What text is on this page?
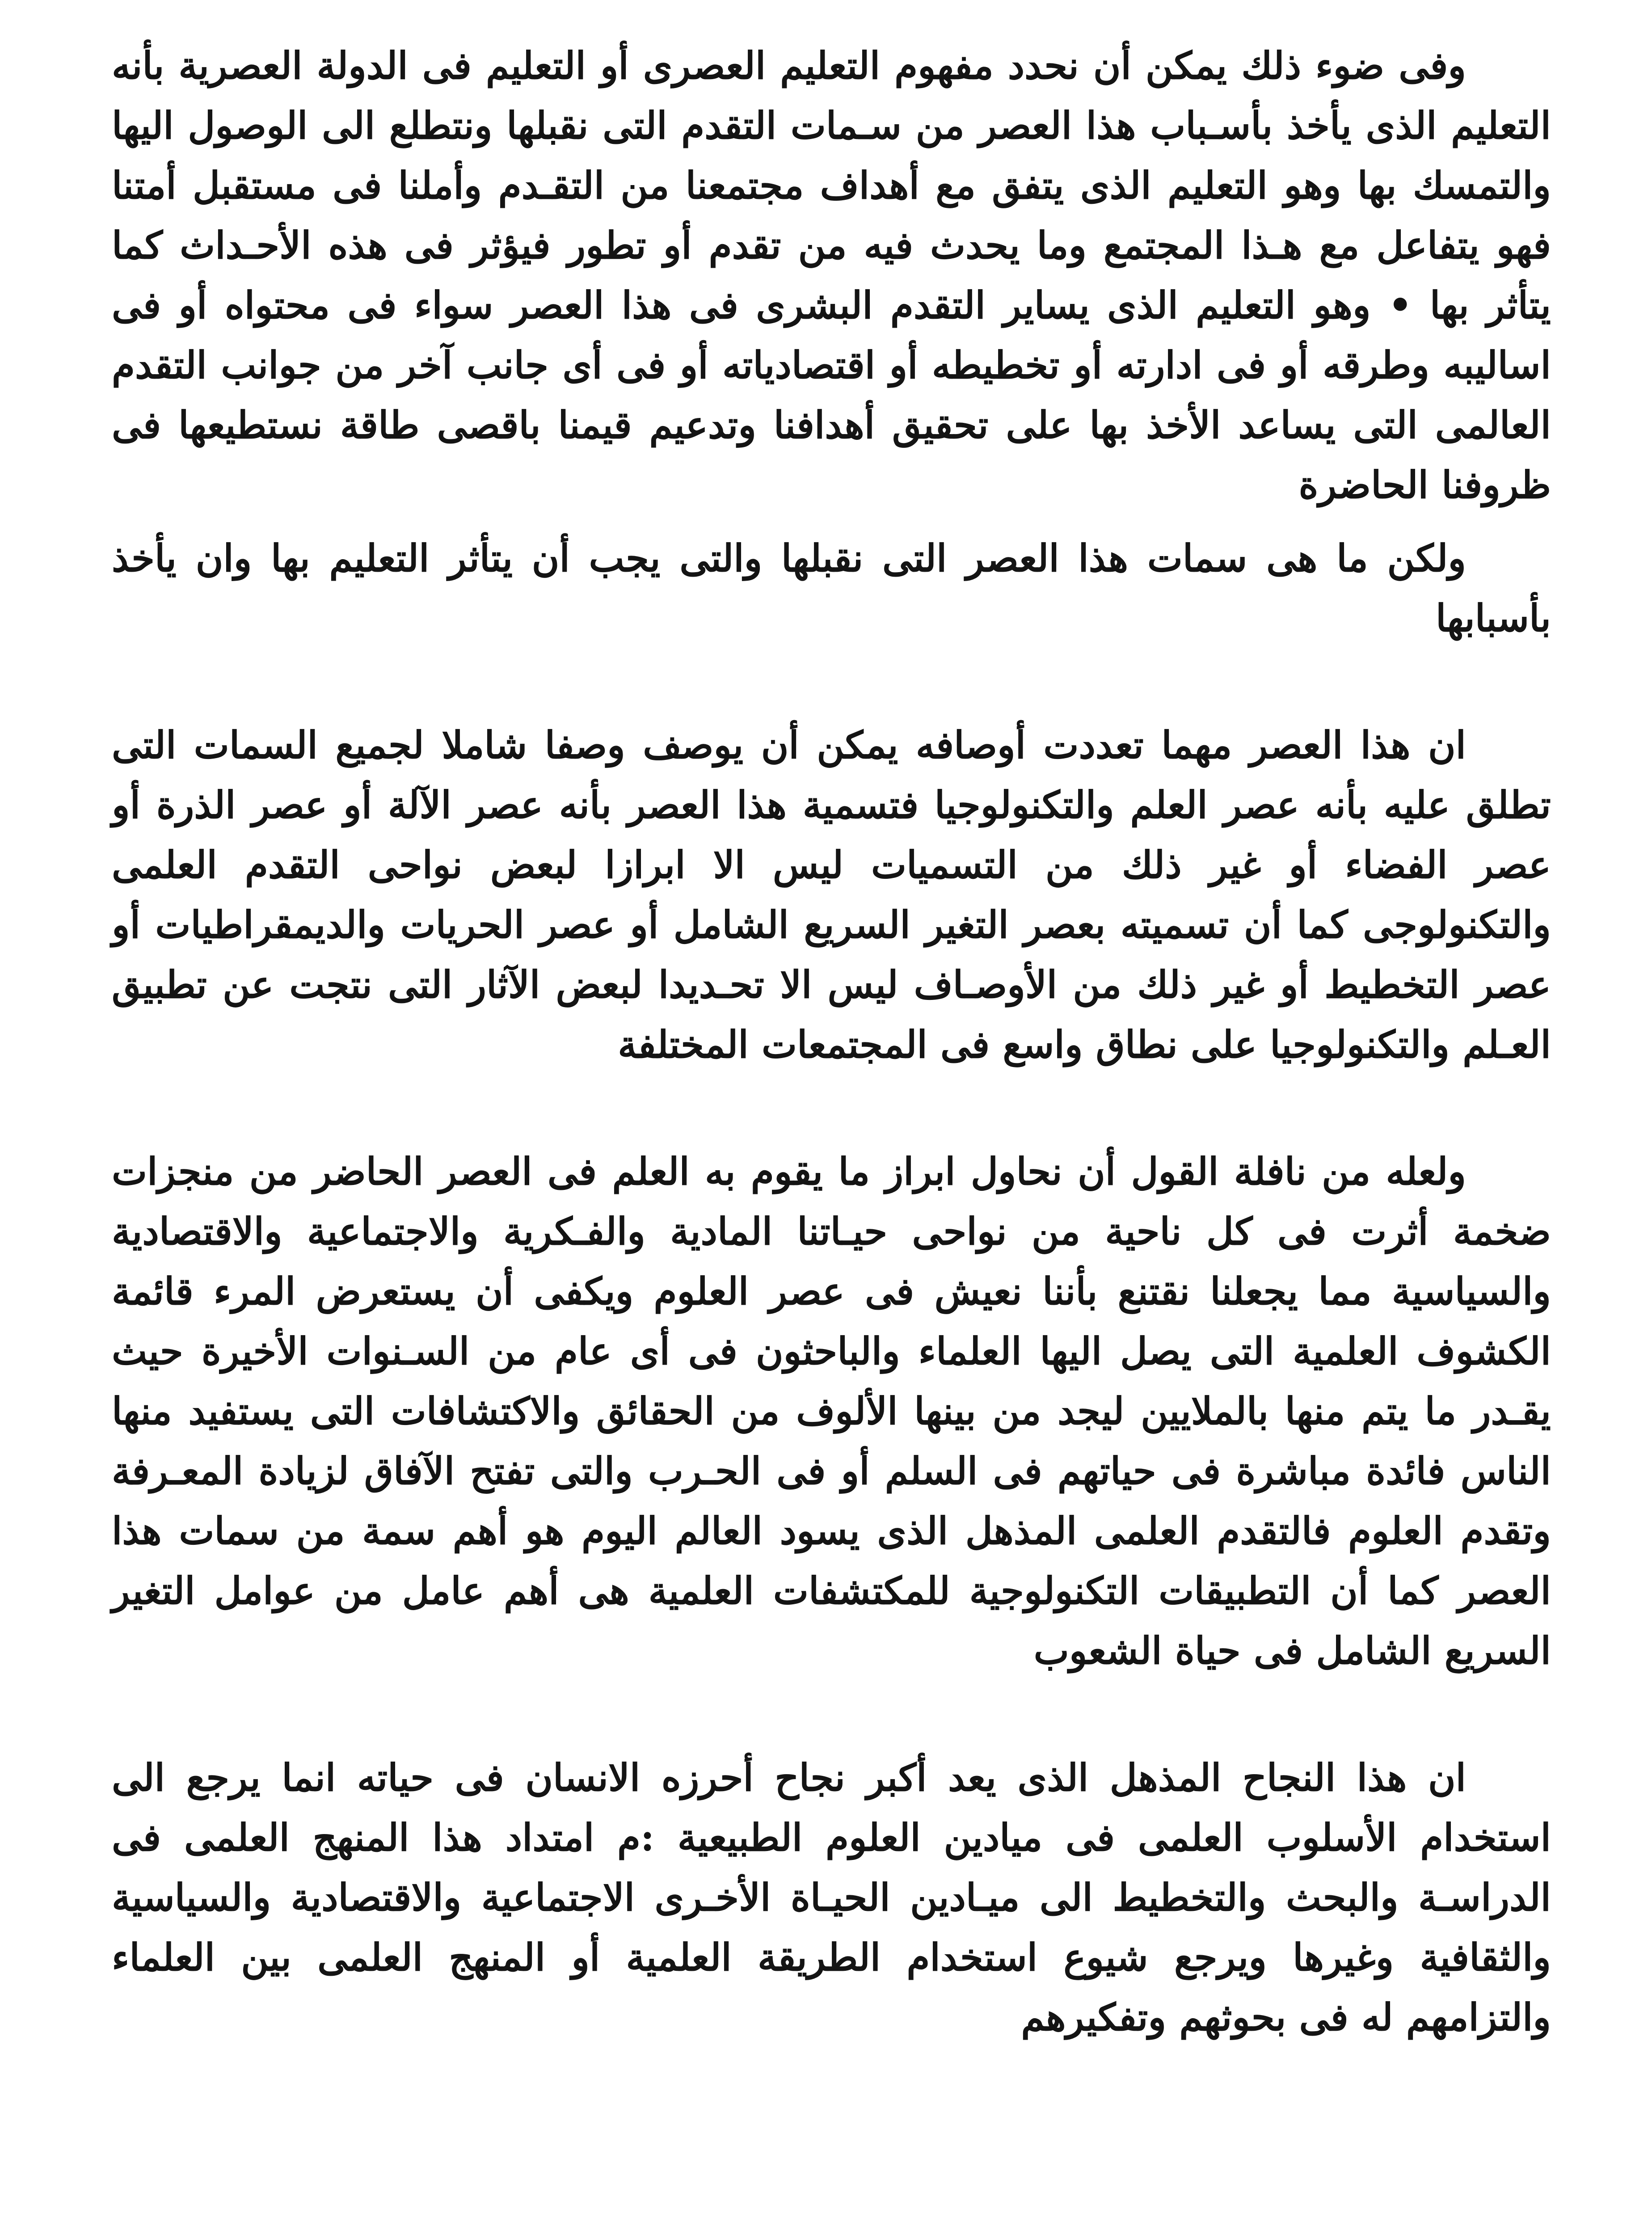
وفى ضوء ذلك يمكن أن نحدد مفهوم التعليم العصرى أو التعليم فى الدولة العصرية بأنه التعليم الذى يأخذ بأسـباب هذا العصر من سـمات التقدم التى نقبلها ونتطلع الى الوصول اليها والتمسك بها وهو التعليم الذى يتفق مع أهداف مجتمعنا من التقـدم وأملنا فى مستقبل أمتنا فهو يتفاعل مع هـذا المجتمع وما يحدث فيه من تقدم أو تطور فيؤثر فى هذه الأحـداث كما يتأثر بها • وهو التعليم الذى يساير التقدم البشرى فى هذا العصر سواء فى محتواه أو فى اساليبه وطرقه أو فى ادارته أو تخطيطه أو اقتصادياته أو فى أى جانب آخر من جوانب التقدم العالمى التى يساعد الأخذ بها على تحقيق أهدافنا وتدعيم قيمنا باقصى طاقة نستطيعها فى ظروفنا الحاضرة

ولكن ما هى سمات هذا العصر التى نقبلها والتى يجب أن يتأثر التعليم بها وان يأخذ بأسبابها

ان هذا العصر مهما تعددت أوصافه يمكن أن يوصف وصفا شاملا لجميع السمات التى تطلق عليه بأنه عصر العلم والتكنولوجيا فتسمية هذا العصر بأنه عصر الآلة أو عصر الذرة أو عصر الفضاء أو غير ذلك من التسميات ليس الا ابرازا لبعض نواحى التقدم العلمى والتكنولوجى كما أن تسميته بعصر التغير السريع الشامل أو عصر الحريات والديمقراطيات أو عصر التخطيط أو غير ذلك من الأوصـاف ليس الا تحـديدا لبعض الآثار التى نتجت عن تطبيق العـلم والتكنولوجيا على نطاق واسع فى المجتمعات المختلفة

ولعله من نافلة القول أن نحاول ابراز ما يقوم به العلم فى العصر الحاضر من منجزات ضخمة أثرت فى كل ناحية من نواحى حيـاتنا المادية والفـكرية والاجتماعية والاقتصادية والسياسية مما يجعلنا نقتنع بأننا نعيش فى عصر العلوم ويكفى أن يستعرض المرء قائمة الكشوف العلمية التى يصل اليها العلماء والباحثون فى أى عام من السـنوات الأخيرة حيث يقـدر ما يتم منها بالملايين ليجد من بينها الألوف من الحقائق والاكتشافات التى يستفيد منها الناس فائدة مباشرة فى حياتهم فى السلم أو فى الحـرب والتى تفتح الآفاق لزيادة المعـرفة وتقدم العلوم فالتقدم العلمى المذهل الذى يسود العالم اليوم هو أهم سمة من سمات هذا العصر كما أن التطبيقات التكنولوجية للمكتشفات العلمية هى أهم عامل من عوامل التغير السريع الشامل فى حياة الشعوب

ان هذا النجاح المذهل الذى يعد أكبر نجاح أحرزه الانسان فى حياته انما يرجع الى استخدام الأسلوب العلمى فى ميادين العلوم الطبيعية :م امتداد هذا المنهج العلمى فى الدراسـة والبحث والتخطيط الى ميـادين الحيـاة الأخـرى الاجتماعية والاقتصادية والسياسية والثقافية وغيرها ويرجع شيوع استخدام الطريقة العلمية أو المنهج العلمى بين العلماء والتزامهم له فى بحوثهم وتفكيرهم
